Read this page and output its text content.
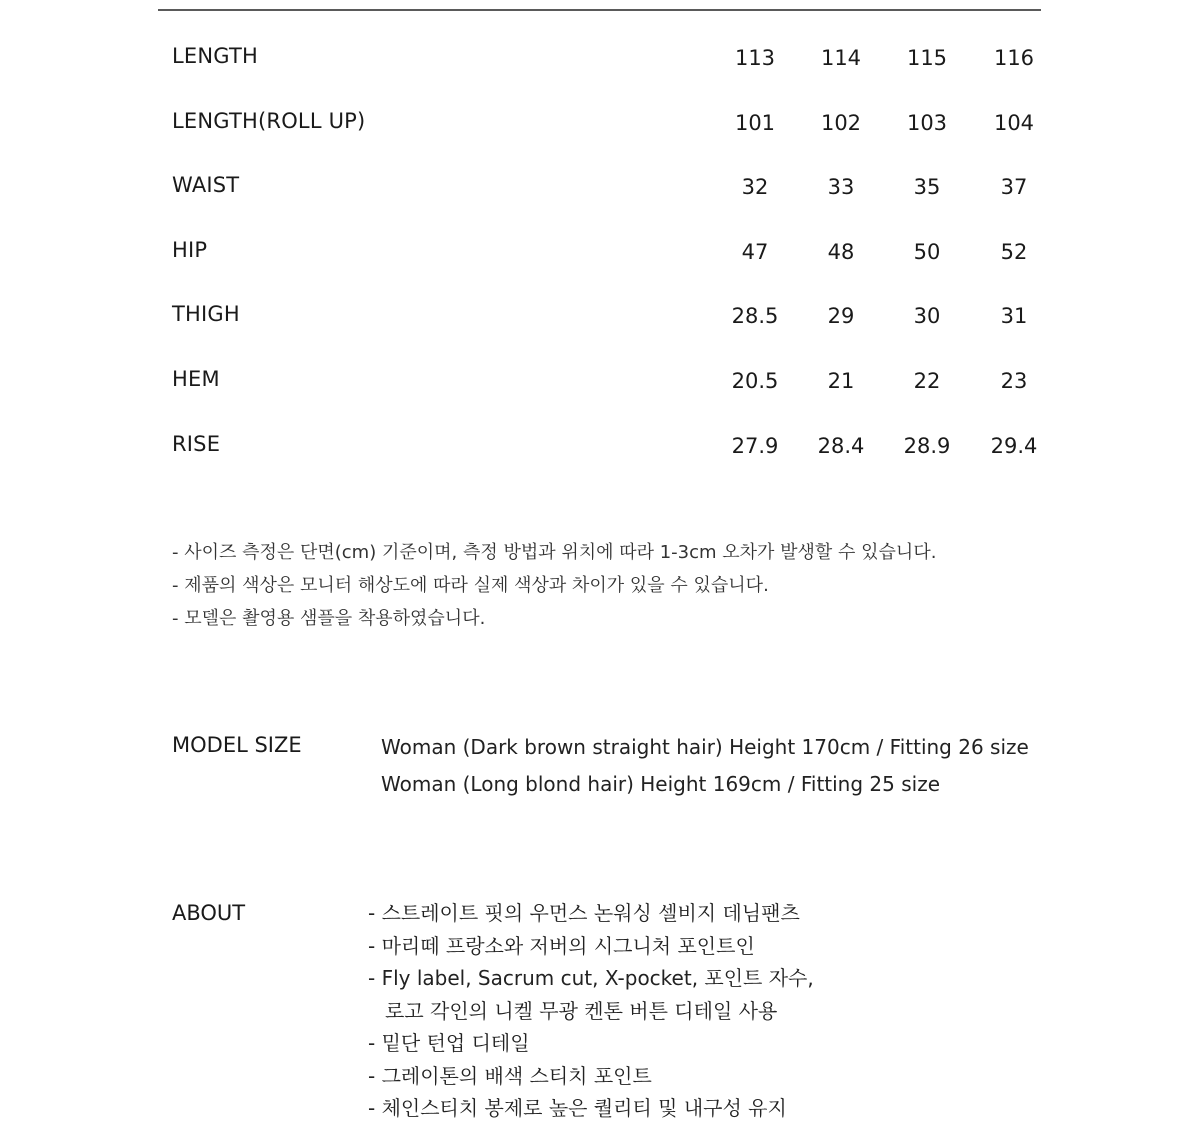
LENGTH	113	114	115	116
LENGTH(ROLL UP)	101	102	103	104
WAIST	32	33	35	37
HIP	47	48	50	52
THIGH	28.5	29	30	31
HEM	20.5	21	22	23
RISE	27.9	28.4	28.9	29.4
- 사이즈 측정은 단면(cm) 기준이며, 측정 방법과 위치에 따라 1-3cm 오차가 발생할 수 있습니다.
- 제품의 색상은 모니터 해상도에 따라 실제 색상과 차이가 있을 수 있습니다.
- 모델은 촬영용 샘플을 착용하였습니다.
MODEL SIZE	Woman (Dark brown straight hair) Height 170cm / Fitting 26 size
Woman (Long blond hair) Height 169cm / Fitting 25 size
ABOUT	- 스트레이트 핏의 우먼스 논워싱 셀비지 데님팬츠
- 마리떼 프랑소와 저버의 시그니처 포인트인
- Fly label, Sacrum cut, X-pocket, 포인트 자수,
로고 각인의 니켈 무광 켄톤 버튼 디테일 사용
- 밑단 턴업 디테일
- 그레이톤의 배색 스티치 포인트
- 체인스티치 봉제로 높은 퀄리티 및 내구성 유지
